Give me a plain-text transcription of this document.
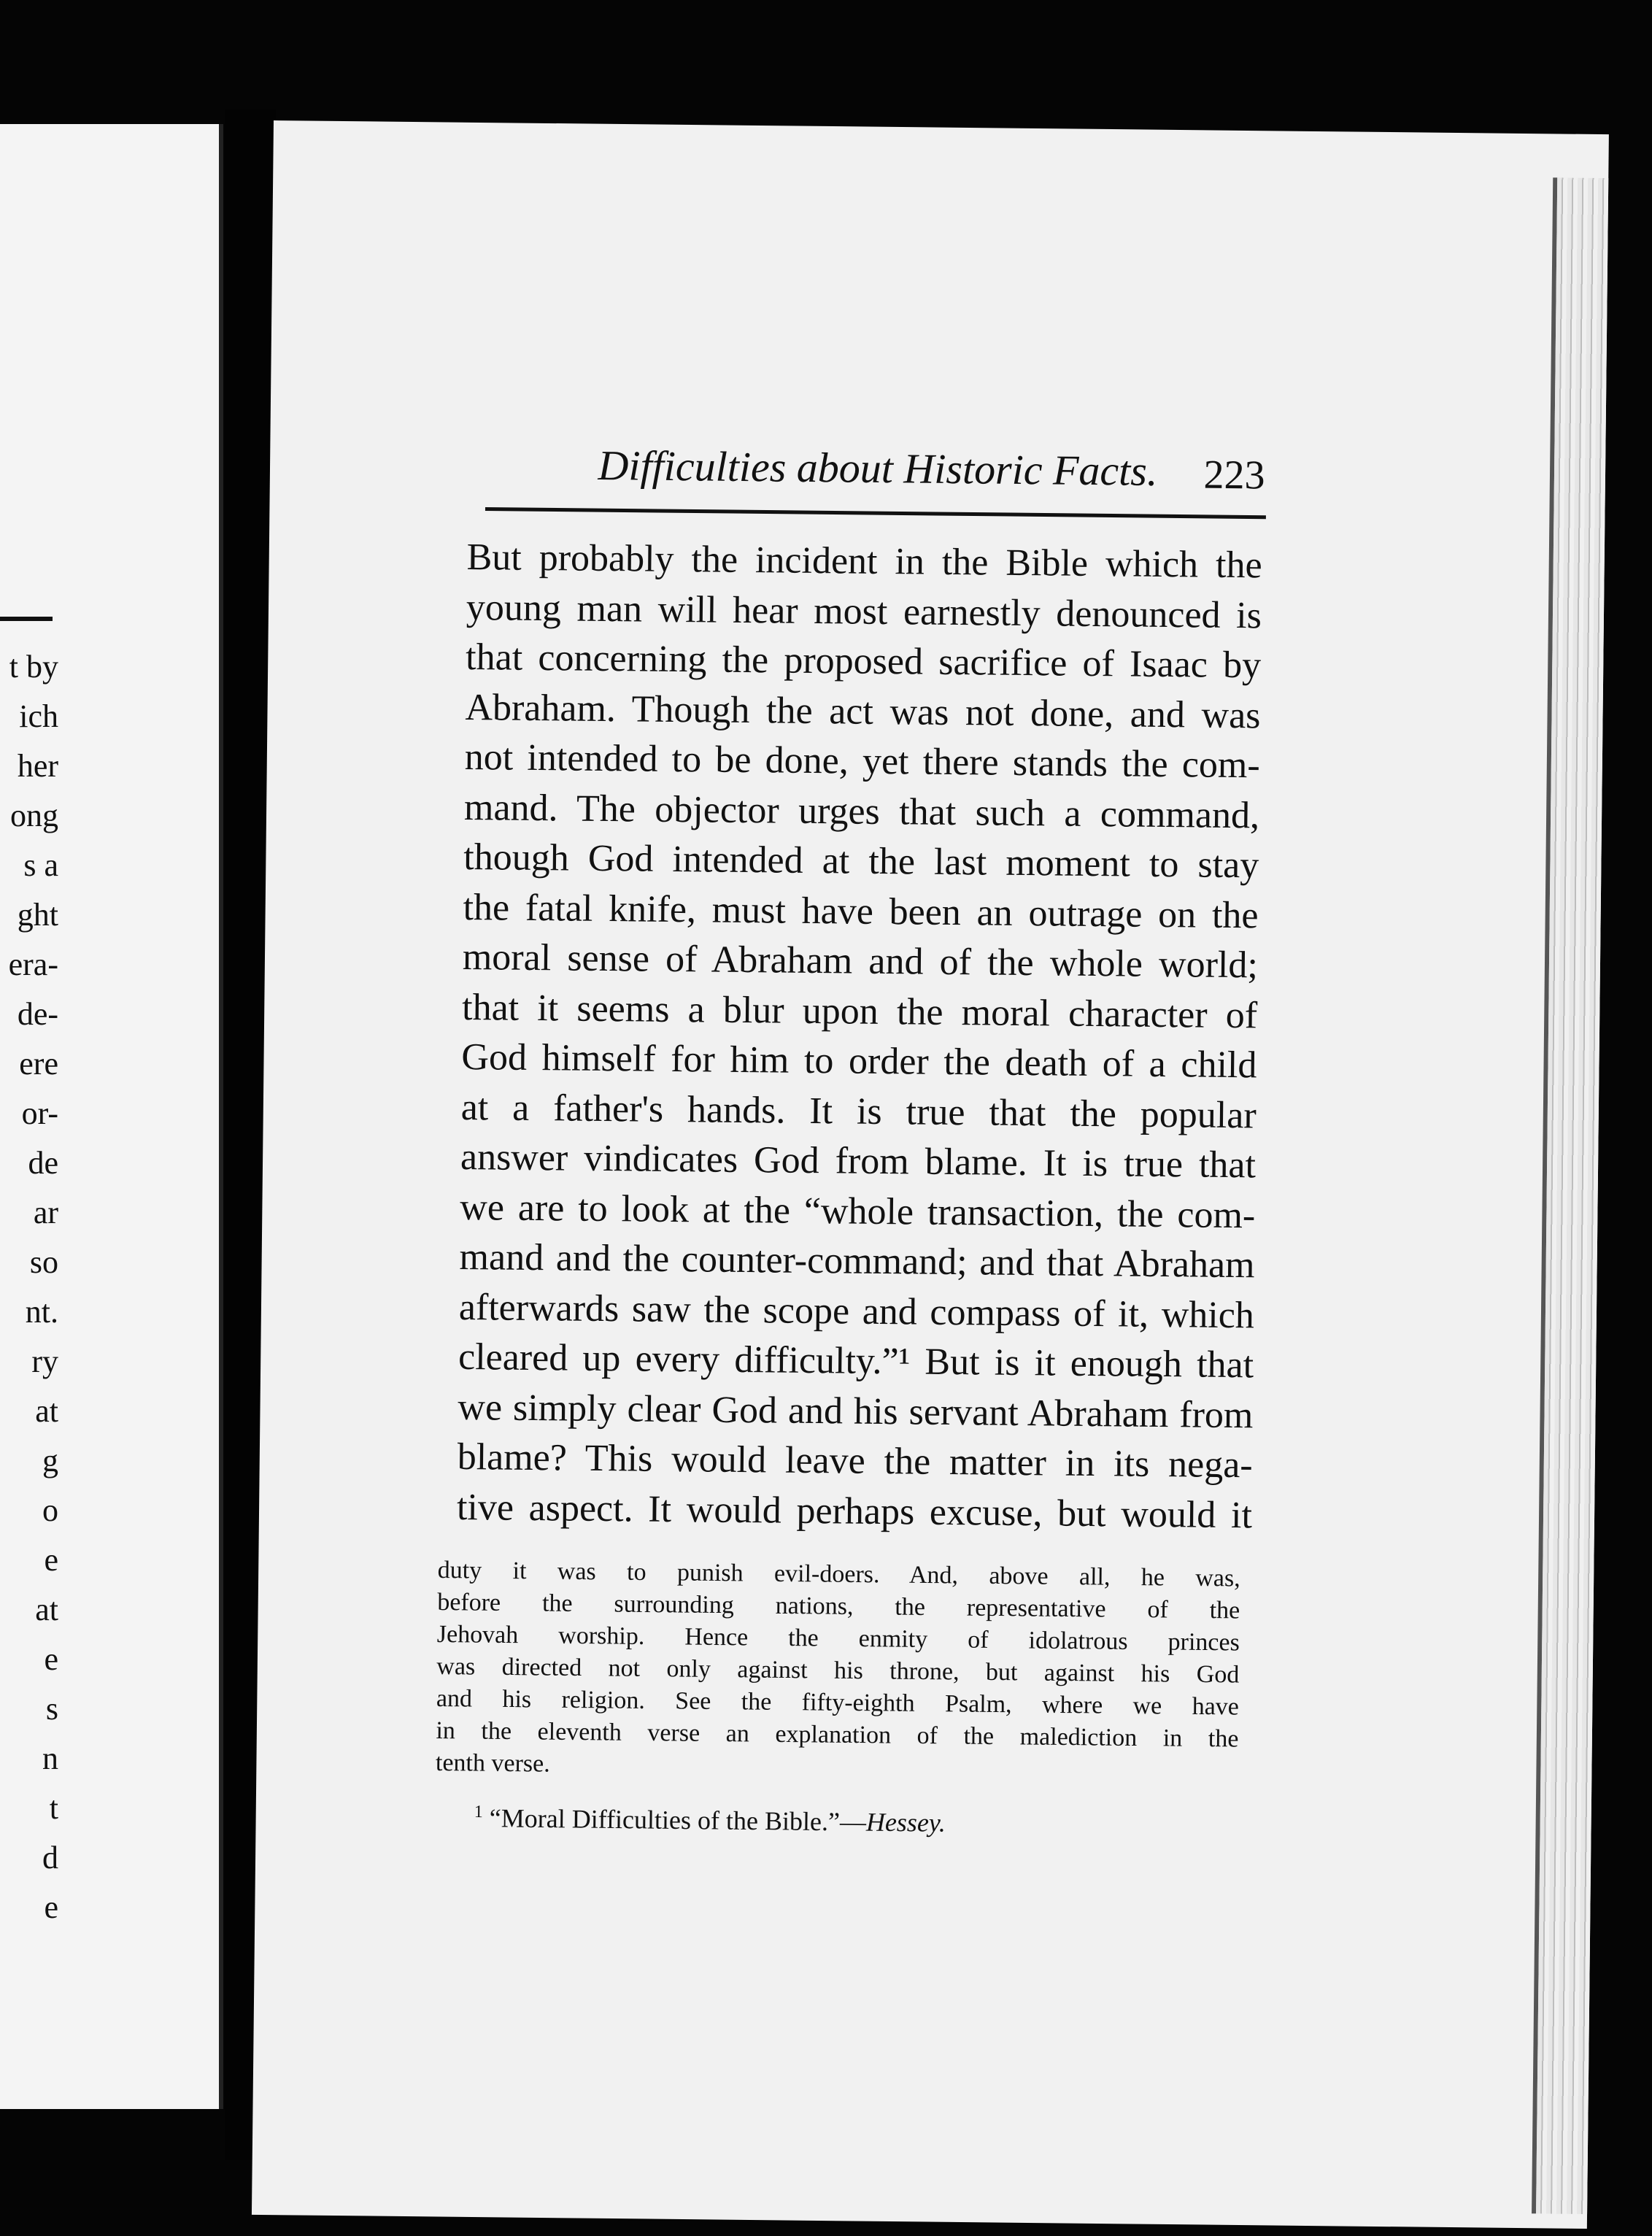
t by
ich
her
ong
s a
ght
era-
de-
ere
or-
de
ar
so
nt.
ry
at
g
o
e
at
e
s
n
t
d
e
Difficulties about Historic Facts. 223
But probably the incident in the Bible which the
young man will hear most earnestly denounced is
that concerning the proposed sacrifice of Isaac by
Abraham. Though the act was not done, and was
not intended to be done, yet there stands the com-
mand. The objector urges that such a command,
though God intended at the last moment to stay
the fatal knife, must have been an outrage on the
moral sense of Abraham and of the whole world;
that it seems a blur upon the moral character of
God himself for him to order the death of a child
at a father's hands. It is true that the popular
answer vindicates God from blame. It is true that
we are to look at the “whole transaction, the com-
mand and the counter-command; and that Abraham
afterwards saw the scope and compass of it, which
cleared up every difficulty.”¹ But is it enough that
we simply clear God and his servant Abraham from
blame? This would leave the matter in its nega-
tive aspect. It would perhaps excuse, but would it
duty it was to punish evil-doers. And, above all, he was,
before the surrounding nations, the representative of the
Jehovah worship. Hence the enmity of idolatrous princes
was directed not only against his throne, but against his God
and his religion. See the fifty-eighth Psalm, where we have
in the eleventh verse an explanation of the malediction in the
tenth verse.
$^1$ “Moral Difficulties of the Bible.”—Hessey.
